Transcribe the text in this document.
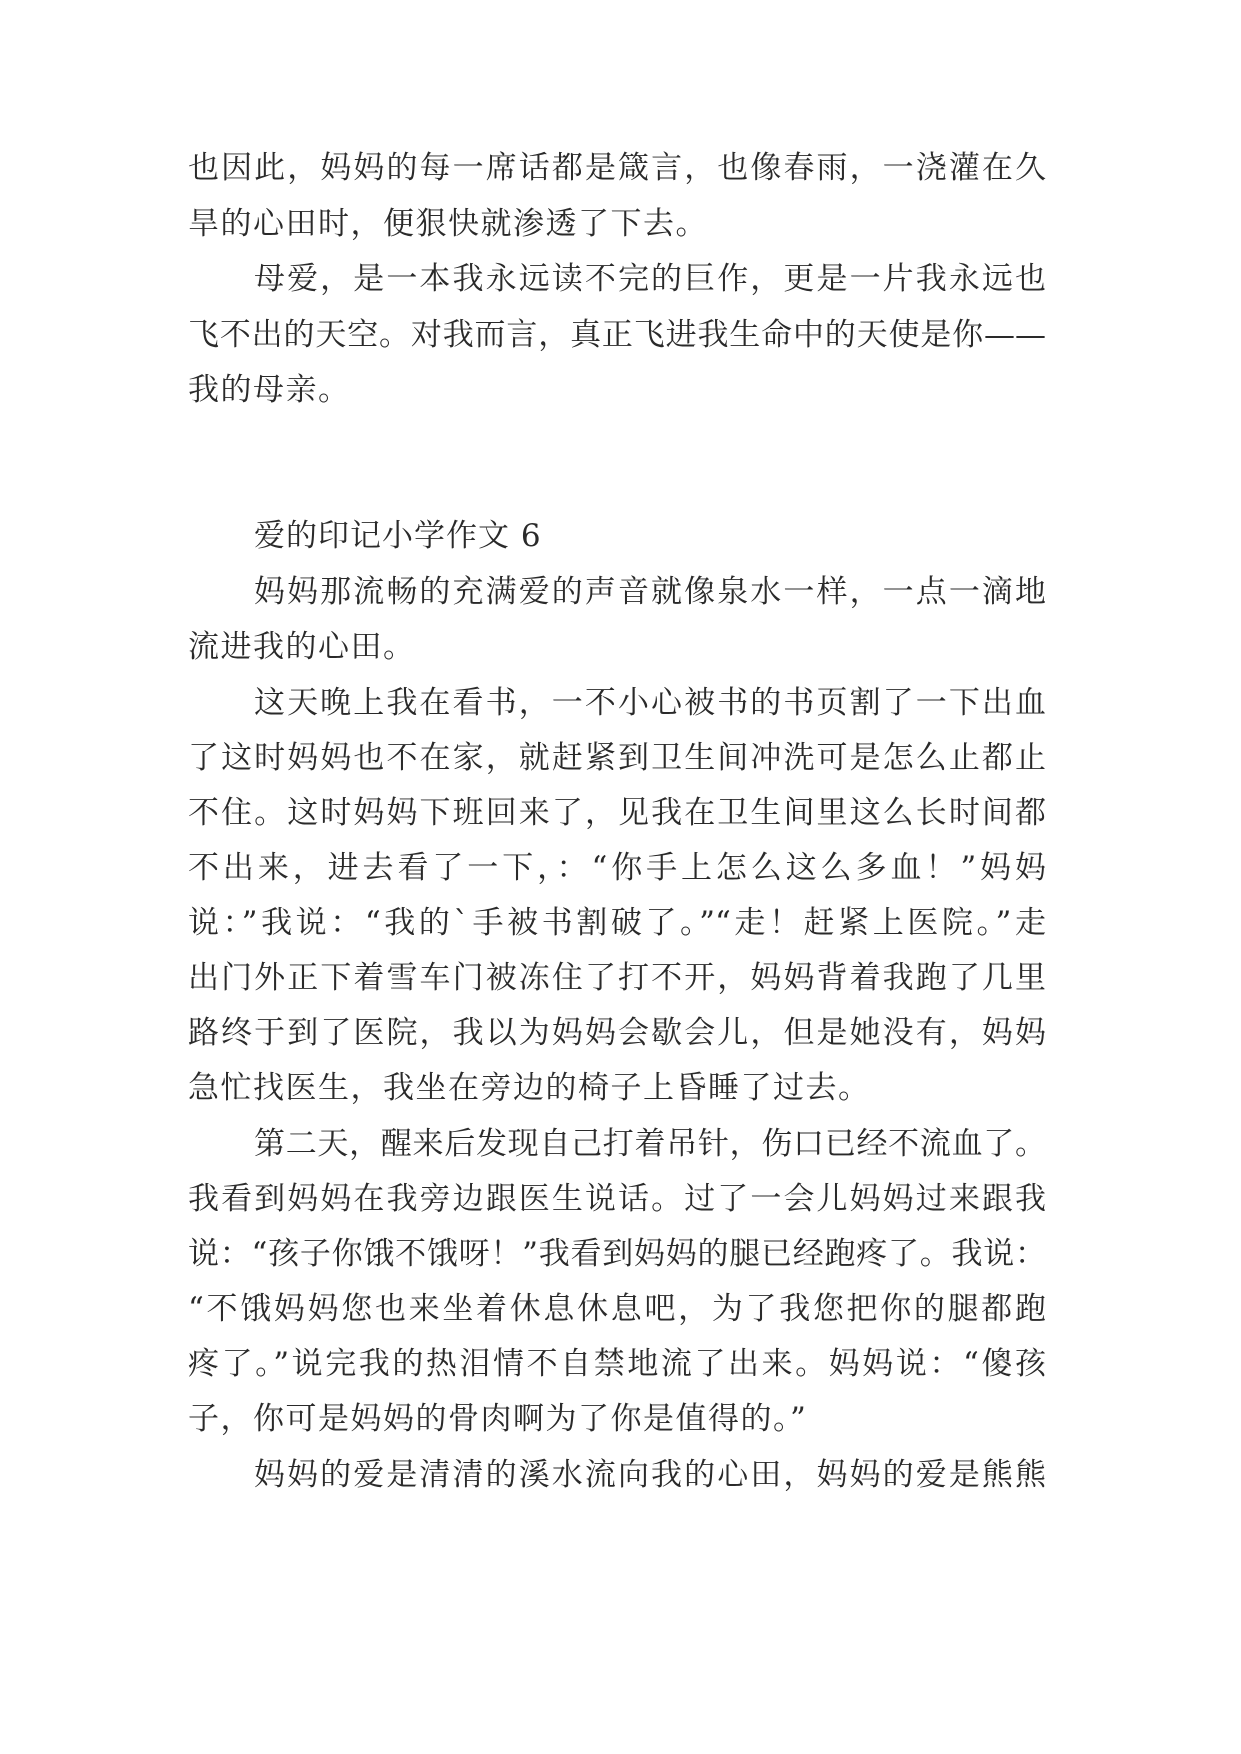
也因此，妈妈的每一席话都是箴言，也像春雨，一浇灌在久

旱的心田时，便狠快就渗透了下去。

母爱，是一本我永远读不完的巨作，更是一片我永远也

飞不出的天空。对我而言，真正飞进我生命中的天使是你——

我的母亲。

爱的印记小学作文 6

妈妈那流畅的充满爱的声音就像泉水一样，一点一滴地

流进我的心田。

这天晚上我在看书，一不小心被书的书页割了一下出血

了这时妈妈也不在家，就赶紧到卫生间冲洗可是怎么止都止

不住。这时妈妈下班回来了，见我在卫生间里这么长时间都

不出来，进去看了一下，：“你手上怎么这么多血！”妈妈

说：”我说：“我的`手被书割破了。”“走！赶紧上医院。”走

出门外正下着雪车门被冻住了打不开，妈妈背着我跑了几里

路终于到了医院，我以为妈妈会歇会儿，但是她没有，妈妈

急忙找医生，我坐在旁边的椅子上昏睡了过去。

第二天，醒来后发现自己打着吊针，伤口已经不流血了。

我看到妈妈在我旁边跟医生说话。过了一会儿妈妈过来跟我

说：“孩子你饿不饿呀！”我看到妈妈的腿已经跑疼了。我说：

“不饿妈妈您也来坐着休息休息吧，为了我您把你的腿都跑

疼了。”说完我的热泪情不自禁地流了出来。妈妈说：“傻孩

子，你可是妈妈的骨肉啊为了你是值得的。”

妈妈的爱是清清的溪水流向我的心田，妈妈的爱是熊熊
